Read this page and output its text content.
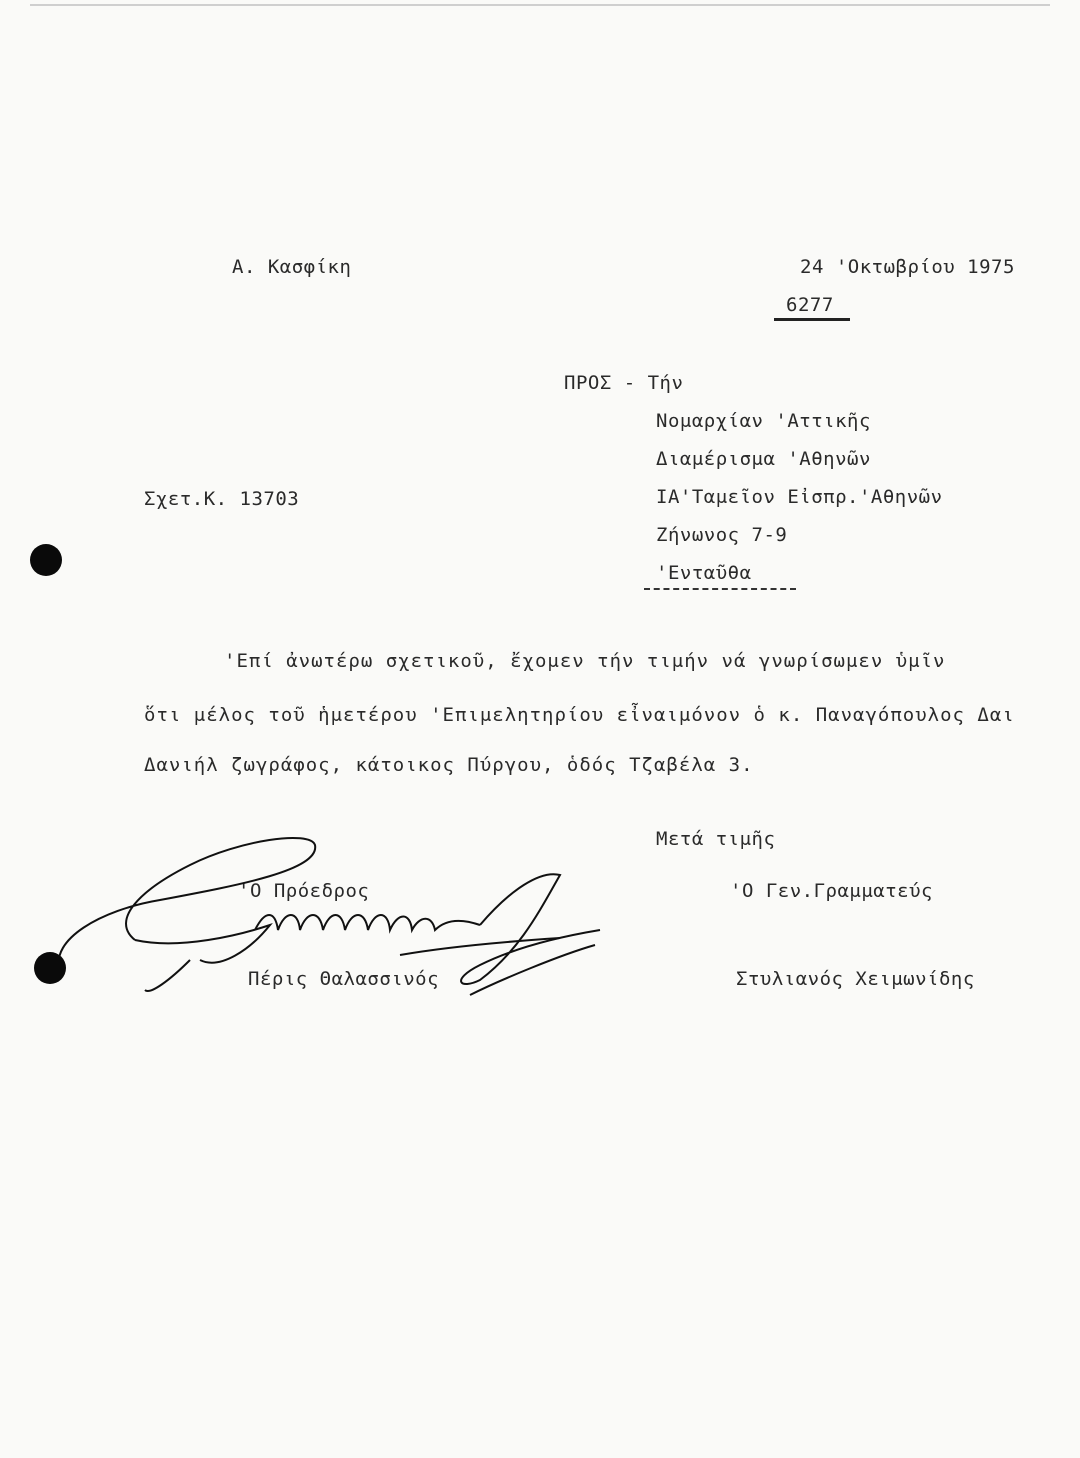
Α. Κασφίκη	24 'Οκτωβρίου 1975
6277
ΠΡΟΣ - Τήν
Νομαρχίαν 'Αττικῆς
Διαμέρισμα 'Αθηνῶν
ΙΑ'Ταμεῖον Εἰσπρ.'Αθηνῶν
Ζήνωνος 7-9
'Ενταῦθα
Σχετ.Κ. 13703
'Επί ἀνωτέρω σχετικοῦ, ἔχομεν τήν τιμήν νά γνωρίσωμεν ὑμῖν
ὅτι μέλος τοῦ ἡμετέρου 'Επιμελητηρίου εἶναιμόνον ὁ κ. Παναγόπουλος Δαι
Δανιήλ ζωγράφος, κάτοικος Πύργου, ὁδός Τζαβέλα 3.
Μετά τιμῆς
'Ο Πρόεδρος
Πέρις Θαλασσινός
'Ο Γεν.Γραμματεύς
Στυλιανός Χειμωνίδης
